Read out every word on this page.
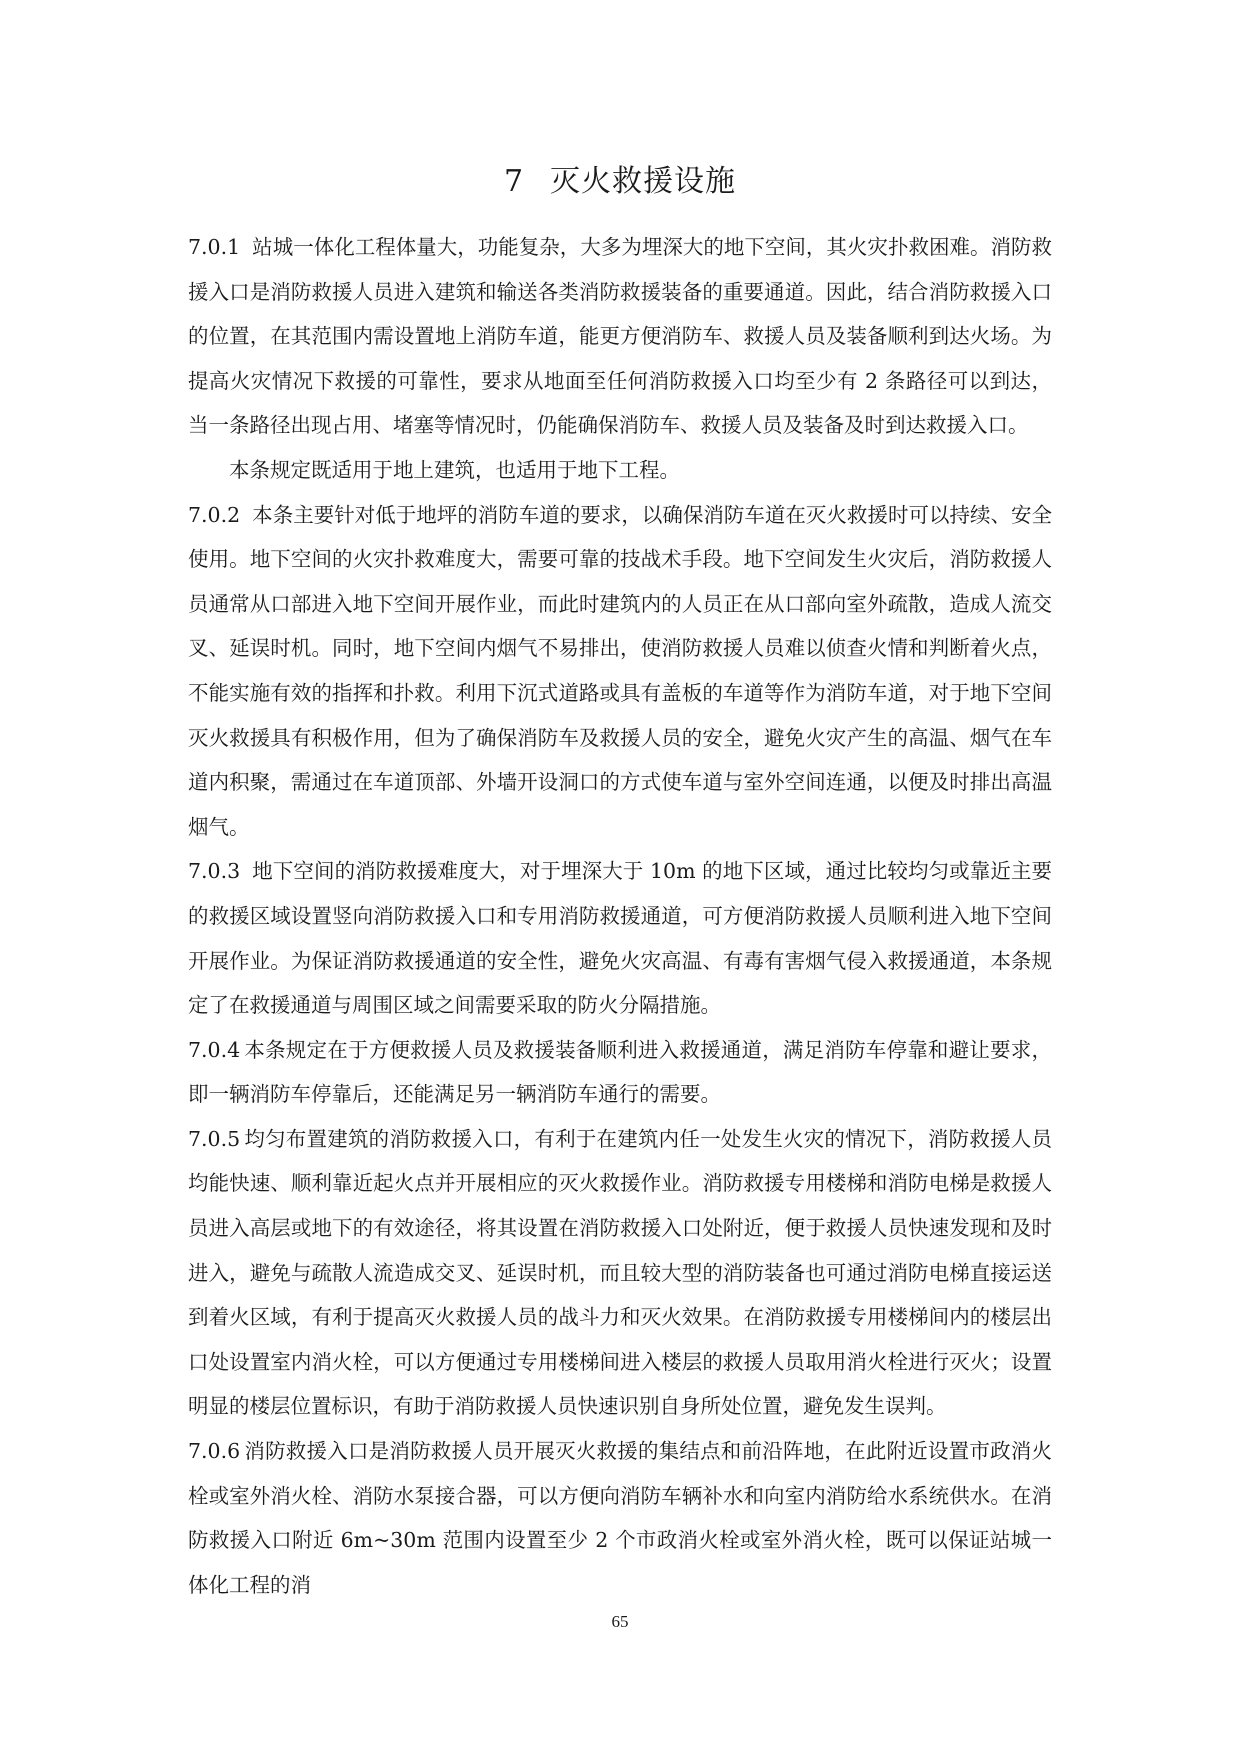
7 灭火救援设施

7.0.1 站城一体化工程体量大，功能复杂，大多为埋深大的地下空间，其火灾扑救困难。消防救援入口是消防救援人员进入建筑和输送各类消防救援装备的重要通道。因此，结合消防救援入口的位置，在其范围内需设置地上消防车道，能更方便消防车、救援人员及装备顺利到达火场。为提高火灾情况下救援的可靠性，要求从地面至任何消防救援入口均至少有 2 条路径可以到达，当一条路径出现占用、堵塞等情况时，仍能确保消防车、救援人员及装备及时到达救援入口。

本条规定既适用于地上建筑，也适用于地下工程。

7.0.2 本条主要针对低于地坪的消防车道的要求，以确保消防车道在灭火救援时可以持续、安全使用。地下空间的火灾扑救难度大，需要可靠的技战术手段。地下空间发生火灾后，消防救援人员通常从口部进入地下空间开展作业，而此时建筑内的人员正在从口部向室外疏散，造成人流交叉、延误时机。同时，地下空间内烟气不易排出，使消防救援人员难以侦查火情和判断着火点，不能实施有效的指挥和扑救。利用下沉式道路或具有盖板的车道等作为消防车道，对于地下空间灭火救援具有积极作用，但为了确保消防车及救援人员的安全，避免火灾产生的高温、烟气在车道内积聚，需通过在车道顶部、外墙开设洞口的方式使车道与室外空间连通，以便及时排出高温烟气。

7.0.3 地下空间的消防救援难度大，对于埋深大于 10m 的地下区域，通过比较均匀或靠近主要的救援区域设置竖向消防救援入口和专用消防救援通道，可方便消防救援人员顺利进入地下空间开展作业。为保证消防救援通道的安全性，避免火灾高温、有毒有害烟气侵入救援通道，本条规定了在救援通道与周围区域之间需要采取的防火分隔措施。

7.0.4 本条规定在于方便救援人员及救援装备顺利进入救援通道，满足消防车停靠和避让要求，即一辆消防车停靠后，还能满足另一辆消防车通行的需要。

7.0.5 均匀布置建筑的消防救援入口，有利于在建筑内任一处发生火灾的情况下，消防救援人员均能快速、顺利靠近起火点并开展相应的灭火救援作业。消防救援专用楼梯和消防电梯是救援人员进入高层或地下的有效途径，将其设置在消防救援入口处附近，便于救援人员快速发现和及时进入，避免与疏散人流造成交叉、延误时机，而且较大型的消防装备也可通过消防电梯直接运送到着火区域，有利于提高灭火救援人员的战斗力和灭火效果。在消防救援专用楼梯间内的楼层出口处设置室内消火栓，可以方便通过专用楼梯间进入楼层的救援人员取用消火栓进行灭火；设置明显的楼层位置标识，有助于消防救援人员快速识别自身所处位置，避免发生误判。

7.0.6 消防救援入口是消防救援人员开展灭火救援的集结点和前沿阵地，在此附近设置市政消火栓或室外消火栓、消防水泵接合器，可以方便向消防车辆补水和向室内消防给水系统供水。在消防救援入口附近 6m~30m 范围内设置至少 2 个市政消火栓或室外消火栓，既可以保证站城一体化工程的消

65
